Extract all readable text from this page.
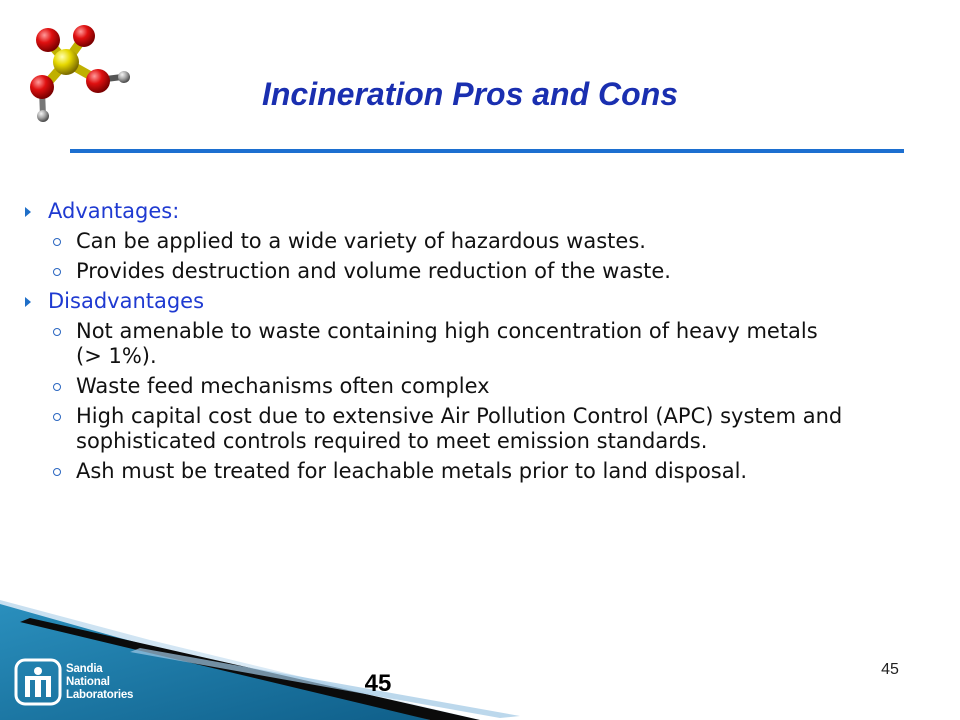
Incineration Pros and Cons
Advantages:
Can be applied to a wide variety of hazardous wastes.
Provides destruction and volume reduction of the waste.
Disadvantages
Not amenable to waste containing high concentration of heavy metals (> 1%).
Waste feed mechanisms often complex
High capital cost due to extensive Air Pollution Control (APC) system and sophisticated controls required to meet emission standards.
Ash must be treated for leachable metals prior to land disposal.
Sandia
National
Laboratories	45
45
